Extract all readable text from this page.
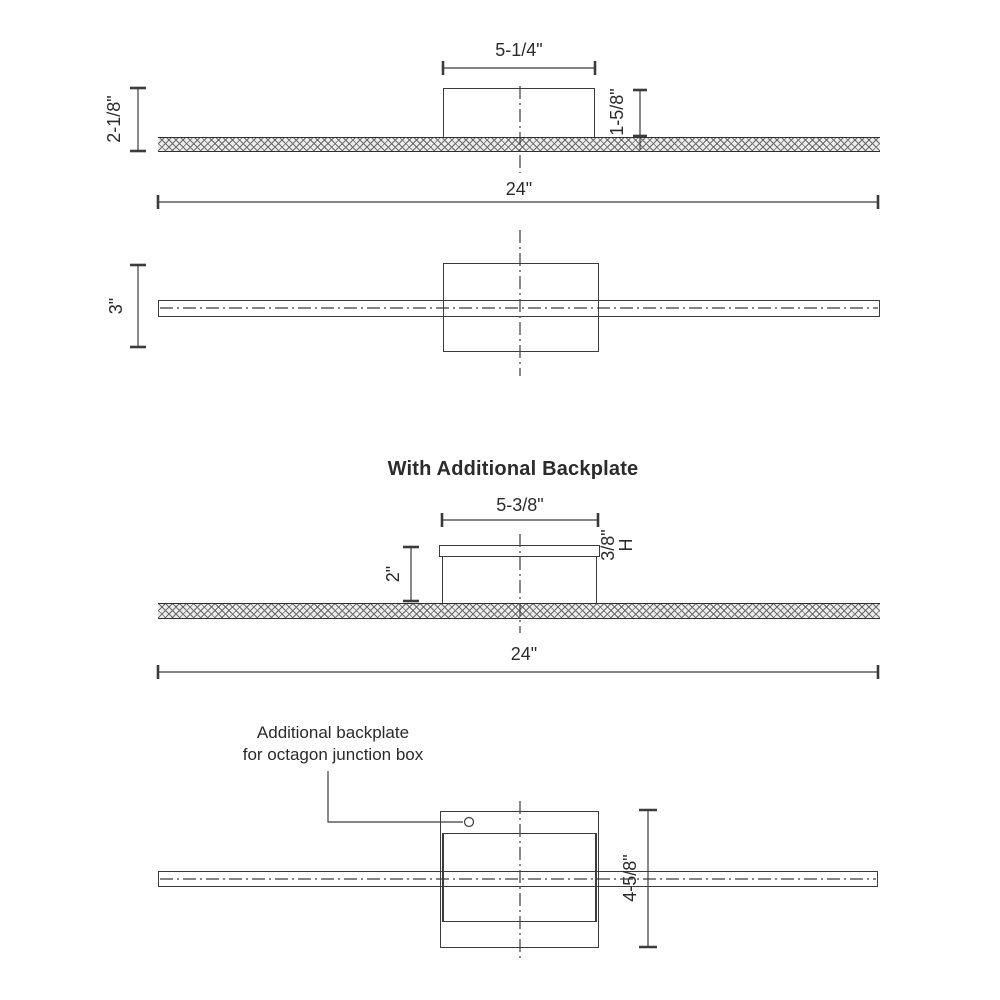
5-1/4"
1-5/8"
2-1/8"
24"
3"
With Additional Backplate
5-3/8"
2"
3/8"
H
24"
Additional backplate
for octagon junction box
4-5/8"
